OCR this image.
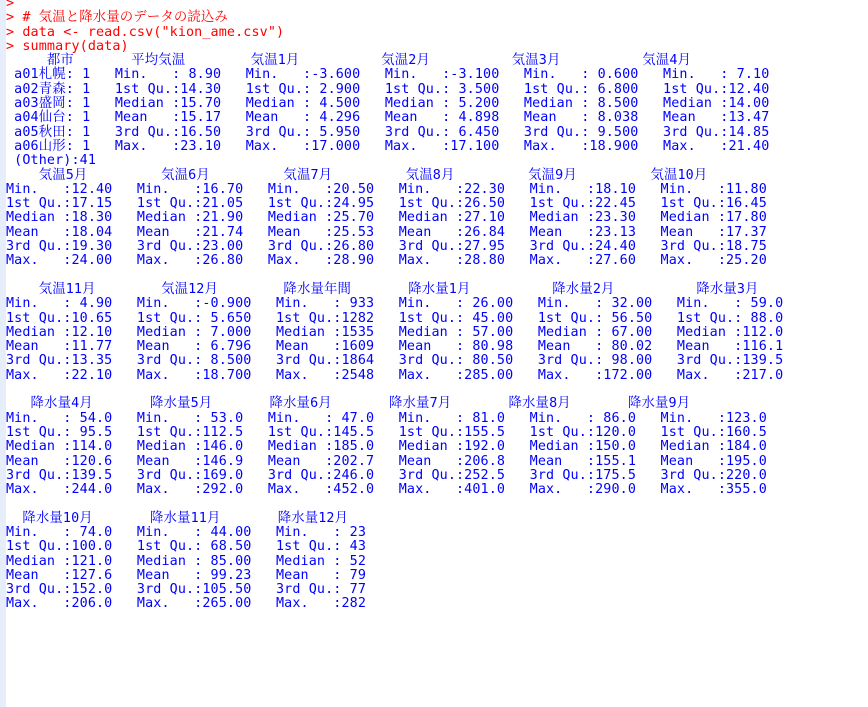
>
> # 気温と降水量のデータの読込み
> data <- read.csv("kion_ame.csv")
> summary(data)
都市       平均気温        気温1月          気温2月          気温3月          気温4月
a01札幌: 1   Min.   : 8.90   Min.   :-3.600   Min.   :-3.100   Min.   : 0.600   Min.   : 7.10
a02青森: 1   1st Qu.:14.30   1st Qu.: 2.900   1st Qu.: 3.500   1st Qu.: 6.800   1st Qu.:12.40
a03盛岡: 1   Median :15.70   Median : 4.500   Median : 5.200   Median : 8.500   Median :14.00
a04仙台: 1   Mean   :15.17   Mean   : 4.296   Mean   : 4.898   Mean   : 8.038   Mean   :13.47
a05秋田: 1   3rd Qu.:16.50   3rd Qu.: 5.950   3rd Qu.: 6.450   3rd Qu.: 9.500   3rd Qu.:14.85
a06山形: 1   Max.   :23.10   Max.   :17.000   Max.   :17.100   Max.   :18.900   Max.   :21.40
(Other):41
気温5月         気温6月         気温7月         気温8月         気温9月         気温10月
Min.   :12.40   Min.   :16.70   Min.   :20.50   Min.   :22.30   Min.   :18.10   Min.   :11.80
1st Qu.:17.15   1st Qu.:21.05   1st Qu.:24.95   1st Qu.:26.50   1st Qu.:22.45   1st Qu.:16.45
Median :18.30   Median :21.90   Median :25.70   Median :27.10   Median :23.30   Median :17.80
Mean   :18.04   Mean   :21.74   Mean   :25.53   Mean   :26.84   Mean   :23.13   Mean   :17.37
3rd Qu.:19.30   3rd Qu.:23.00   3rd Qu.:26.80   3rd Qu.:27.95   3rd Qu.:24.40   3rd Qu.:18.75
Max.   :24.00   Max.   :26.80   Max.   :28.90   Max.   :28.80   Max.   :27.60   Max.   :25.20
気温11月        気温12月        降水量年間       降水量1月          降水量2月          降水量3月
Min.   : 4.90   Min.   :-0.900   Min.   : 933   Min.   : 26.00   Min.   : 32.00   Min.   : 59.0
1st Qu.:10.65   1st Qu.: 5.650   1st Qu.:1282   1st Qu.: 45.00   1st Qu.: 56.50   1st Qu.: 88.0
Median :12.10   Median : 7.000   Median :1535   Median : 57.00   Median : 67.00   Median :112.0
Mean   :11.77   Mean   : 6.796   Mean   :1609   Mean   : 80.98   Mean   : 80.02   Mean   :116.1
3rd Qu.:13.35   3rd Qu.: 8.500   3rd Qu.:1864   3rd Qu.: 80.50   3rd Qu.: 98.00   3rd Qu.:139.5
Max.   :22.10   Max.   :18.700   Max.   :2548   Max.   :285.00   Max.   :172.00   Max.   :217.0
降水量4月       降水量5月       降水量6月       降水量7月       降水量8月       降水量9月
Min.   : 54.0   Min.   : 53.0   Min.   : 47.0   Min.   : 81.0   Min.   : 86.0   Min.   :123.0
1st Qu.: 95.5   1st Qu.:112.5   1st Qu.:145.5   1st Qu.:155.5   1st Qu.:120.0   1st Qu.:160.5
Median :114.0   Median :146.0   Median :185.0   Median :192.0   Median :150.0   Median :184.0
Mean   :120.6   Mean   :146.9   Mean   :202.7   Mean   :206.8   Mean   :155.1   Mean   :195.0
3rd Qu.:139.5   3rd Qu.:169.0   3rd Qu.:246.0   3rd Qu.:252.5   3rd Qu.:175.5   3rd Qu.:220.0
Max.   :244.0   Max.   :292.0   Max.   :452.0   Max.   :401.0   Max.   :290.0   Max.   :355.0
降水量10月       降水量11月       降水量12月
Min.   : 74.0   Min.   : 44.00   Min.   : 23
1st Qu.:100.0   1st Qu.: 68.50   1st Qu.: 43
Median :121.0   Median : 85.00   Median : 52
Mean   :127.6   Mean   : 99.23   Mean   : 79
3rd Qu.:152.0   3rd Qu.:105.50   3rd Qu.: 77
Max.   :206.0   Max.   :265.00   Max.   :282
